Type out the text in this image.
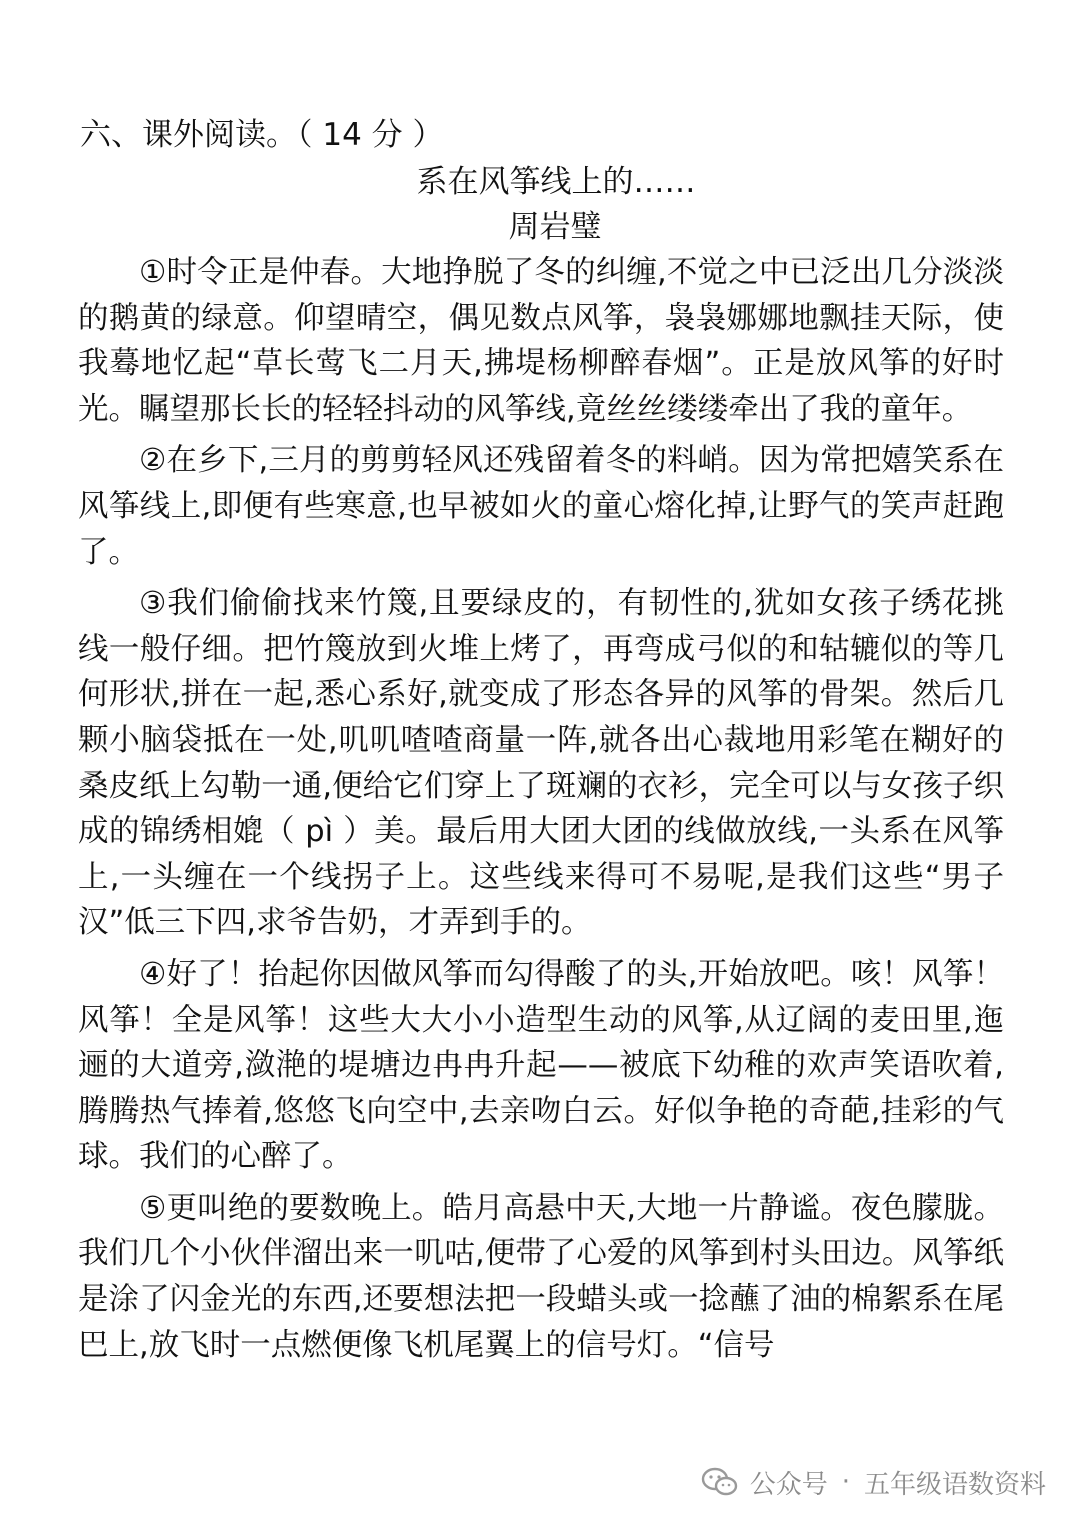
六、课外阅读。（ 14 分 ）
系在风筝线上的……
周岩璧

①时令正是仲春。大地挣脱了冬的纠缠,不觉之中已泛出几分淡淡的鹅黄的绿意。仰望晴空，偶见数点风筝，袅袅娜娜地飘挂天际，使我蓦地忆起“草长莺飞二月天,拂堤杨柳醉春烟”。正是放风筝的好时光。瞩望那长长的轻轻抖动的风筝线,竟丝丝缕缕牵出了我的童年。

②在乡下,三月的剪剪轻风还残留着冬的料峭。因为常把嬉笑系在风筝线上,即便有些寒意,也早被如火的童心熔化掉,让野气的笑声赶跑了。

③我们偷偷找来竹篾,且要绿皮的，有韧性的,犹如女孩子绣花挑线一般仔细。把竹篾放到火堆上烤了，再弯成弓似的和轱辘似的等几何形状,拼在一起,悉心系好,就变成了形态各异的风筝的骨架。然后几颗小脑袋抵在一处,叽叽喳喳商量一阵,就各出心裁地用彩笔在糊好的桑皮纸上勾勒一通,便给它们穿上了斑斓的衣衫，完全可以与女孩子织成的锦绣相媲（ pì ）美。最后用大团大团的线做放线,一头系在风筝上,一头缠在一个线拐子上。这些线来得可不易呢,是我们这些“男子汉”低三下四,求爷告奶，才弄到手的。

④好了！抬起你因做风筝而勾得酸了的头,开始放吧。咳！风筝！风筝！全是风筝！这些大大小小造型生动的风筝,从辽阔的麦田里,迤逦的大道旁,潋滟的堤塘边冉冉升起——被底下幼稚的欢声笑语吹着,腾腾热气捧着,悠悠飞向空中,去亲吻白云。好似争艳的奇葩,挂彩的气球。我们的心醉了。

⑤更叫绝的要数晚上。皓月高悬中天,大地一片静谧。夜色朦胧。我们几个小伙伴溜出来一叽咕,便带了心爱的风筝到村头田边。风筝纸是涂了闪金光的东西,还要想法把一段蜡头或一捻蘸了油的棉絮系在尾巴上,放飞时一点燃便像飞机尾翼上的信号灯。“信号

公众号 · 五年级语数资料
